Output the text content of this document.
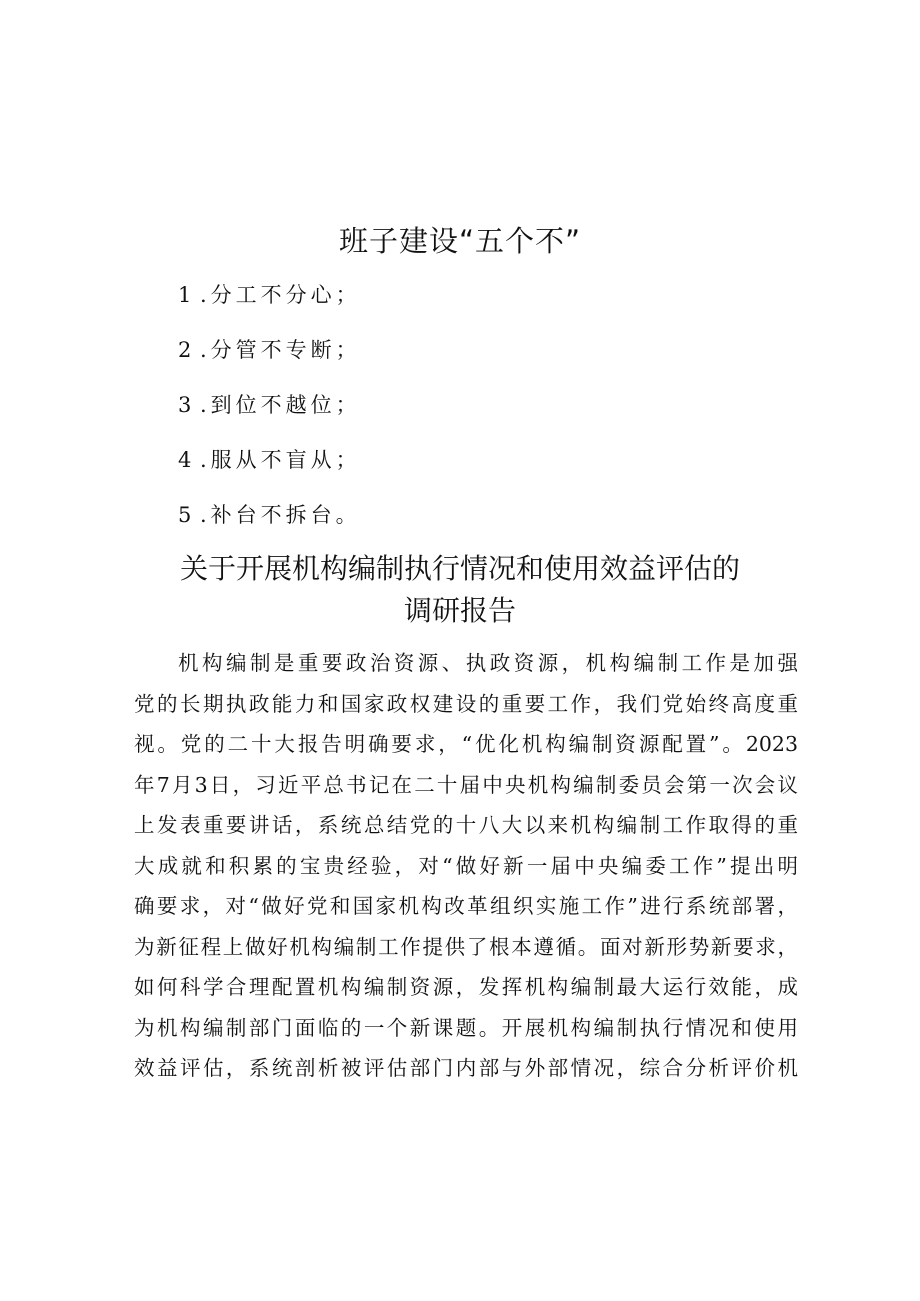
班子建设“五个不”
1 .分工不分心；
2 .分管不专断；
3 .到位不越位；
4 .服从不盲从；
5 .补台不拆台。
关于开展机构编制执行情况和使用效益评估的
调研报告
机构编制是重要政治资源、执政资源，机构编制工作是加强
党的长期执政能力和国家政权建设的重要工作，我们党始终高度重
视。党的二十大报告明确要求，“优化机构编制资源配置”。2023
年7月3日，习近平总书记在二十届中央机构编制委员会第一次会议
上发表重要讲话，系统总结党的十八大以来机构编制工作取得的重
大成就和积累的宝贵经验，对“做好新一届中央编委工作”提出明
确要求，对“做好党和国家机构改革组织实施工作”进行系统部署，
为新征程上做好机构编制工作提供了根本遵循。面对新形势新要求，
如何科学合理配置机构编制资源，发挥机构编制最大运行效能，成
为机构编制部门面临的一个新课题。开展机构编制执行情况和使用
效益评估，系统剖析被评估部门内部与外部情况，综合分析评价机
